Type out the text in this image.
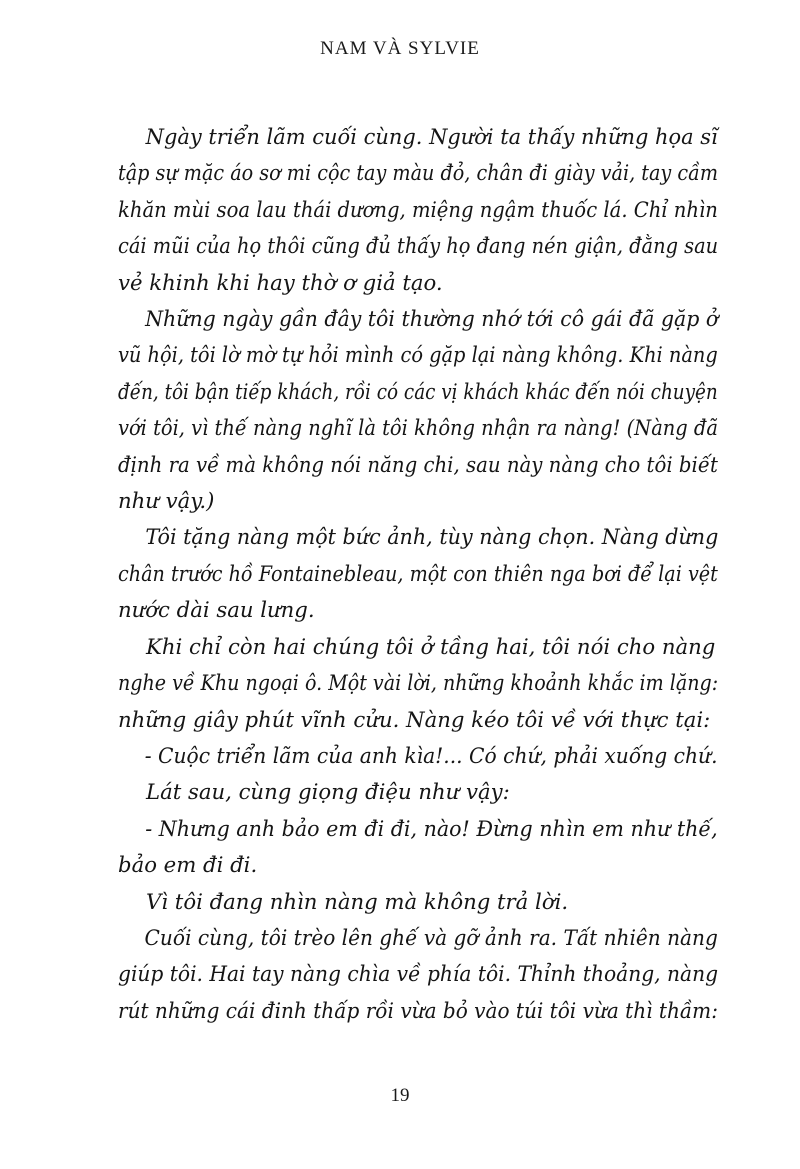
NAM VÀ SYLVIE
Ngày triển lãm cuối cùng. Người ta thấy những họa sĩ
tập sự mặc áo sơ mi cộc tay màu đỏ, chân đi giày vải, tay cầm
khăn mùi soa lau thái dương, miệng ngậm thuốc lá. Chỉ nhìn
cái mũi của họ thôi cũng đủ thấy họ đang nén giận, đằng sau
vẻ khinh khi hay thờ ơ giả tạo.
Những ngày gần đây tôi thường nhớ tới cô gái đã gặp ở
vũ hội, tôi lờ mờ tự hỏi mình có gặp lại nàng không. Khi nàng
đến, tôi bận tiếp khách, rồi có các vị khách khác đến nói chuyện
với tôi, vì thế nàng nghĩ là tôi không nhận ra nàng! (Nàng đã
định ra về mà không nói năng chi, sau này nàng cho tôi biết
như vậy.)
Tôi tặng nàng một bức ảnh, tùy nàng chọn. Nàng dừng
chân trước hồ Fontainebleau, một con thiên nga bơi để lại vệt
nước dài sau lưng.
Khi chỉ còn hai chúng tôi ở tầng hai, tôi nói cho nàng
nghe về Khu ngoại ô. Một vài lời, những khoảnh khắc im lặng:
những giây phút vĩnh cửu. Nàng kéo tôi về với thực tại:
- Cuộc triển lãm của anh kìa!... Có chứ, phải xuống chứ.
Lát sau, cùng giọng điệu như vậy:
- Nhưng anh bảo em đi đi, nào! Đừng nhìn em như thế,
bảo em đi đi.
Vì tôi đang nhìn nàng mà không trả lời.
Cuối cùng, tôi trèo lên ghế và gỡ ảnh ra. Tất nhiên nàng
giúp tôi. Hai tay nàng chìa về phía tôi. Thỉnh thoảng, nàng
rút những cái đinh thấp rồi vừa bỏ vào túi tôi vừa thì thầm:
19
